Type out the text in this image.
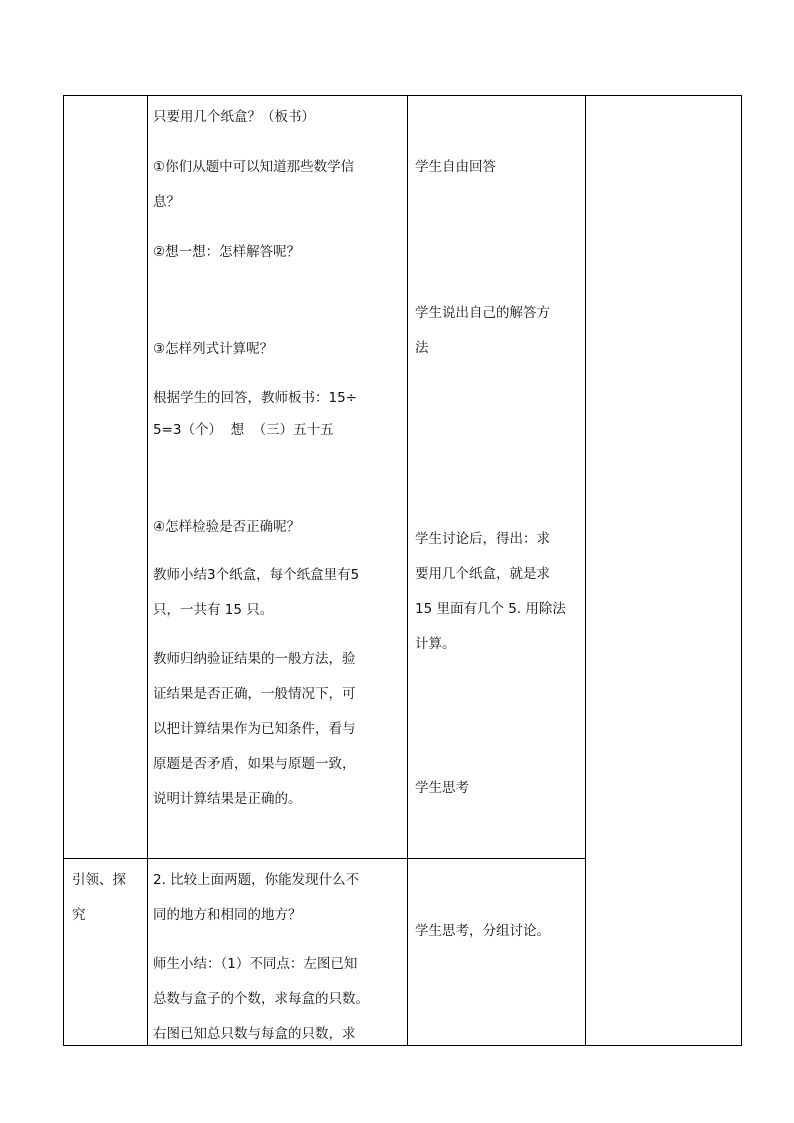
只要用几个纸盒？（板书）

①你们从题中可以知道那些数学信

息？

②想一想：怎样解答呢？

③怎样列式计算呢？

根据学生的回答，教师板书：15÷

5=3（个）  想  （三）五十五

④怎样检验是否正确呢？

教师小结3个纸盒，每个纸盒里有5

只，一共有 15 只。

教师归纳验证结果的一般方法，验

证结果是否正确，一般情况下，可

以把计算结果作为已知条件，看与

原题是否矛盾，如果与原题一致，

说明计算结果是正确的。

学生自由回答

学生说出自己的解答方

法

学生讨论后，得出：求

要用几个纸盒，就是求

15 里面有几个 5. 用除法

计算。

学生思考

引领、探

究

2. 比较上面两题，你能发现什么不

同的地方和相同的地方？

师生小结：（1）不同点：左图已知

总数与盒子的个数，求每盒的只数。

右图已知总只数与每盒的只数，求

学生思考，分组讨论。
